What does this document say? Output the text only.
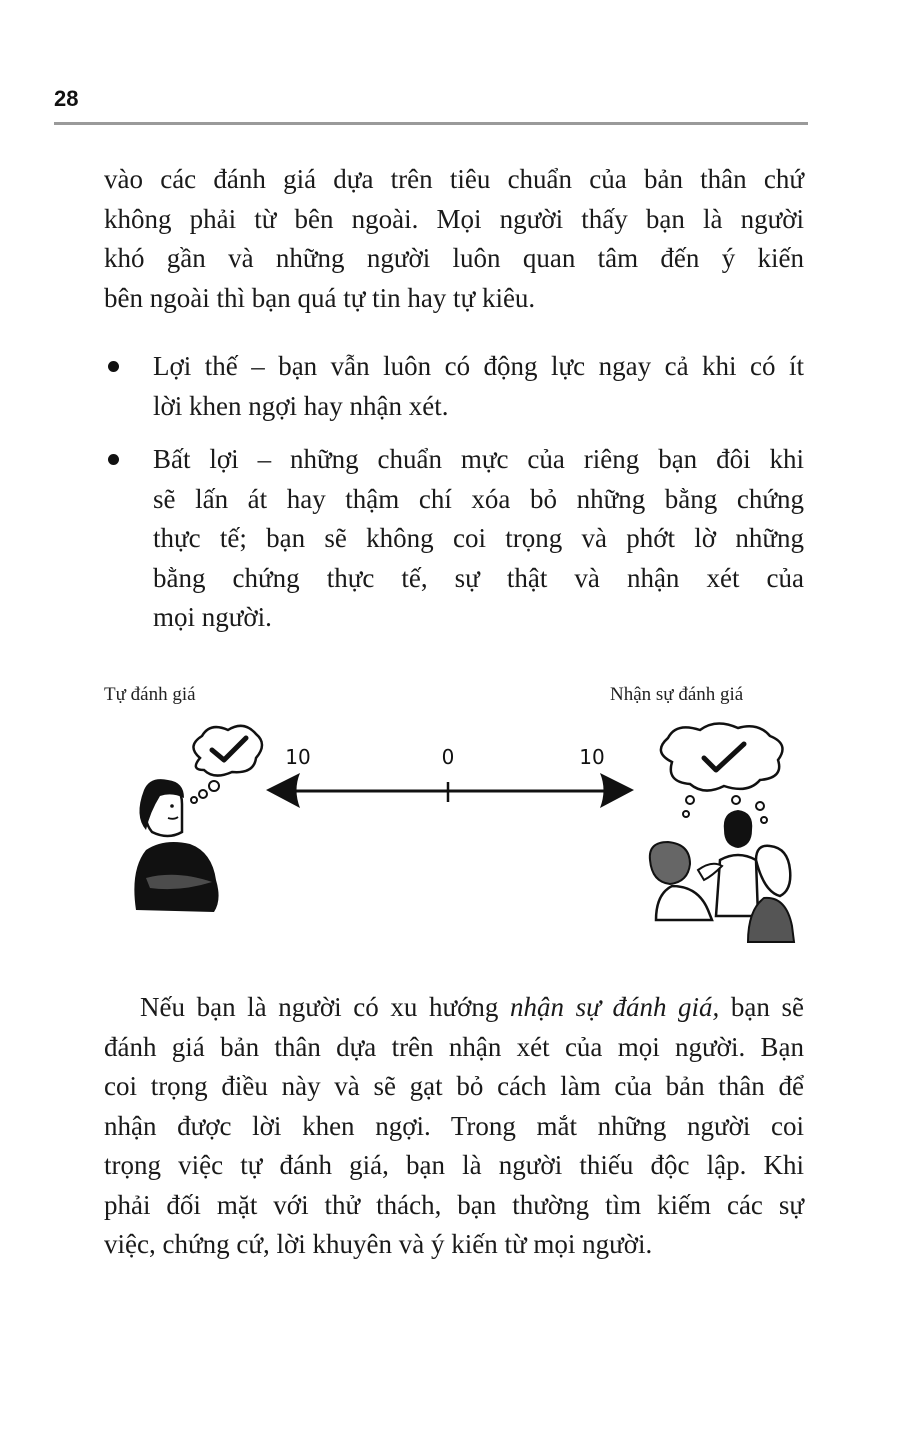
28
vào các đánh giá dựa trên tiêu chuẩn của bản thân chứ
không phải từ bên ngoài. Mọi người thấy bạn là người
khó gần và những người luôn quan tâm đến ý kiến
bên ngoài thì bạn quá tự tin hay tự kiêu.
Lợi thế – bạn vẫn luôn có động lực ngay cả khi có ít
lời khen ngợi hay nhận xét.
Bất lợi – những chuẩn mực của riêng bạn đôi khi
sẽ lấn át hay thậm chí xóa bỏ những bằng chứng
thực tế; bạn sẽ không coi trọng và phớt lờ những
bằng chứng thực tế, sự thật và nhận xét của
mọi người.
Tự đánh giá	Nhận sự đánh giá
10	0	10
Nếu bạn là người có xu hướng nhận sự đánh giá, bạn sẽ
đánh giá bản thân dựa trên nhận xét của mọi người. Bạn
coi trọng điều này và sẽ gạt bỏ cách làm của bản thân để
nhận được lời khen ngợi. Trong mắt những người coi
trọng việc tự đánh giá, bạn là người thiếu độc lập. Khi
phải đối mặt với thử thách, bạn thường tìm kiếm các sự
việc, chứng cứ, lời khuyên và ý kiến từ mọi người.
